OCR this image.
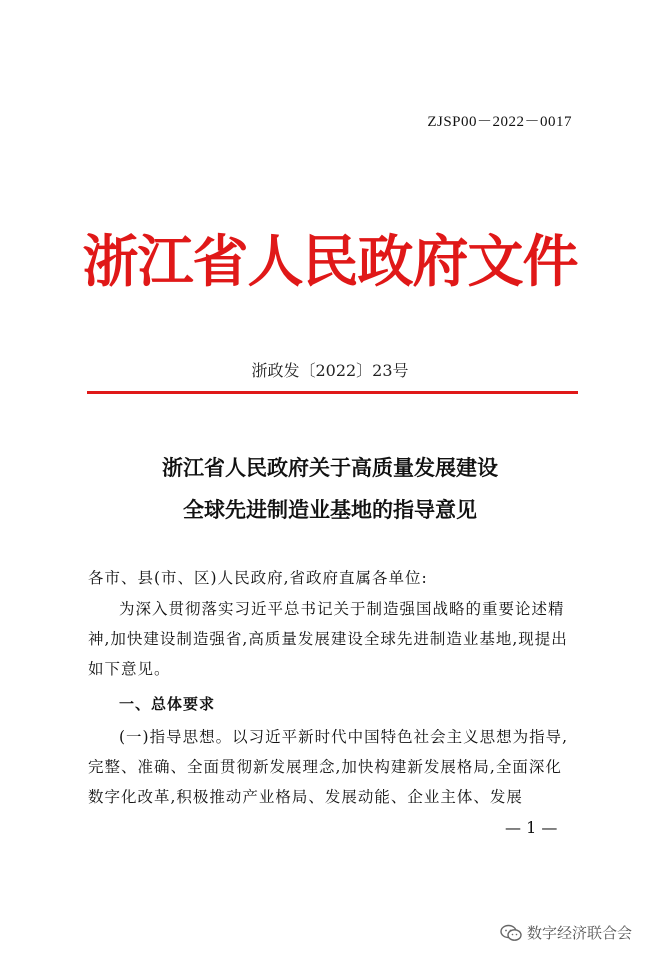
ZJSP00－2022－0017
浙江省人民政府文件
浙政发〔2022〕23号
浙江省人民政府关于高质量发展建设
全球先进制造业基地的指导意见
各市、县(市、区)人民政府,省政府直属各单位:
为深入贯彻落实习近平总书记关于制造强国战略的重要论述精神,加快建设制造强省,高质量发展建设全球先进制造业基地,现提出如下意见。
一、总体要求
(一)指导思想。以习近平新时代中国特色社会主义思想为指导,完整、准确、全面贯彻新发展理念,加快构建新发展格局,全面深化数字化改革,积极推动产业格局、发展动能、企业主体、发展
— 1 —
数字经济联合会
